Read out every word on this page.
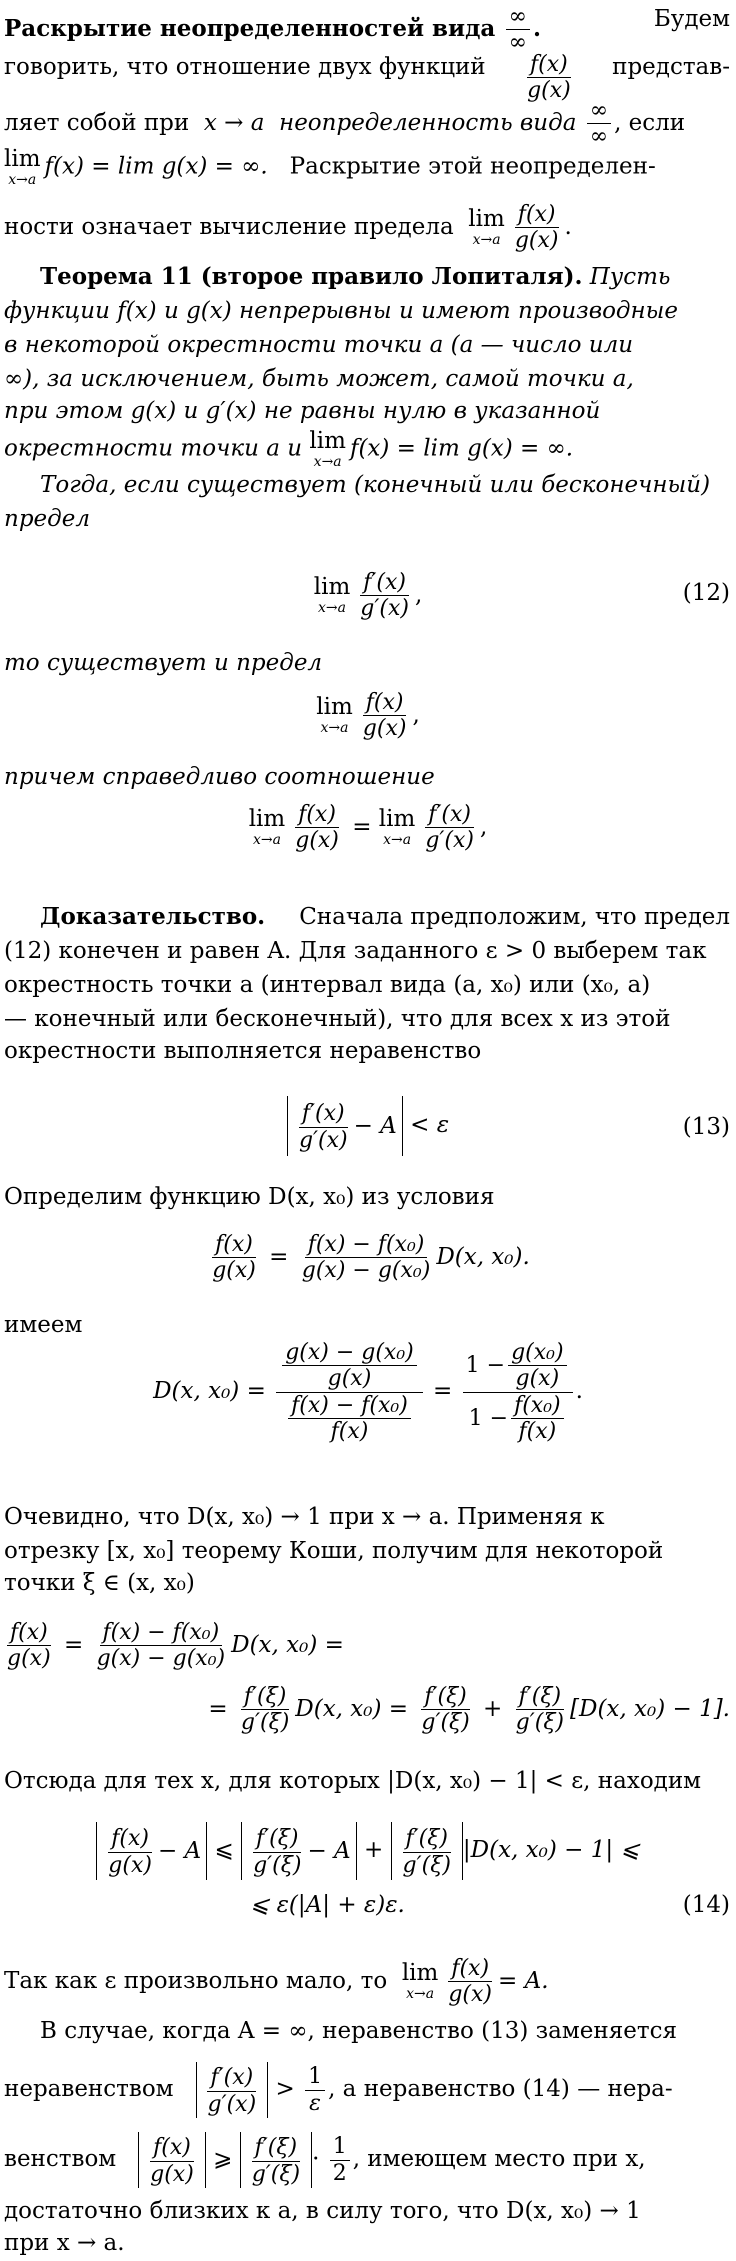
Раскрытие неопределенностей вида $\frac{\infty}{\infty}$ .	Будем
говорить, что отношение двух функций $\frac{f(x)}{g(x)}$ представ-
ляет собой при x → a неопределенность вида $\frac{\infty}{\infty}$ , если
lim
x→a
f(x) = lim g(x) = ∞. Раскрытие этой неопределен-
ности означает вычисление предела lim
$x\to a \frac{f(x)}{g(x)}$ .
Теорема 11 (второе правило Лопиталя). Пусть
функции f(x) и g(x) непрерывны и имеют производные
в некоторой окрестности точки a (a — число или
∞), за исключением, быть может, самой точки a,
при этом g(x) и g′(x) не равны нулю в указанной
окрестности точки a и lim
x→a
f(x) = lim g(x) = ∞.
Тогда, если существует (конечный или бесконечный)
предел
lim
$x\to a \frac{f'(x)}{g'(x)}$ ,	(12)
то существует и предел
lim
$x\to a \frac{f(x)}{g(x)}$ ,
причем справедливо соотношение
lim
$x\to a \frac{f(x)}{g(x)} = \lim$
$x\to a \frac{f'(x)}{g'(x)}$ ,
Доказательство. Сначала предположим, что предел
(12) конечен и равен A. Для заданного ε > 0 выберем так
окрестность точки a (интервал вида (a, x₀) или (x₀, a)
— конечный или бесконечный), что для всех x из этой
окрестности выполняется неравенство
$\frac{f'(x)}{g'(x)} - A < \varepsilon$	(13)
Определим функцию D(x, x₀) из условия
$\frac{f(x)}{g(x)} = \frac{\text{f(x) − f(x₀)}}{\text{g(x) − g(x₀)}} D(x$, x₀).
имеем
D(x, $x_0) = \frac{\frac{\text{g(x) − g(x₀)}}{g(x)}}{\frac{\text{f(x) − f(x₀)}}{f(x)}} = \frac{1 - \frac{\text{g(x₀)}}{g(x)}}{1 - \frac{\text{f(x₀)}}{f(x)}}$ .
Очевидно, что D(x, x₀) → 1 при x → a. Применяя к
отрезку [x, x₀] теорему Коши, получим для некоторой
точки ξ ∈ (x, x₀)
$\frac{f(x)}{g(x)} = \frac{\text{f(x) − f(x₀)}}{\text{g(x) − g(x₀)}} D(x$, x₀) =
= $\frac{f'(\xi)}{g'(\xi)} D(x$, $x_0) = \frac{f'(\xi)}{g'(\xi)} + \frac{f'(\xi)}{g'(\xi)} [D(x$, x₀) − 1].
Отсюда для тех x, для которых |D(x, x₀) − 1| < ε, находим
$\frac{f(x)}{g(x)} - A$ ⩽ $\frac{f'(\xi)}{g'(\xi)} - A + \frac{f'(\xi)}{g'(\xi)} |D(x$, x₀) − 1| ⩽
⩽ ε(|A| + ε)ε.	(14)
Так как ε произвольно мало, то lim
$x\to a \frac{f(x)}{g(x)} = A$.
В случае, когда A = ∞, неравенство (13) заменяется
неравенством $\frac{f'(x)}{g'(x)} > \frac{1}{\varepsilon}$ , а неравенство (14) — нера-
венством $\frac{f(x)}{g(x)}$ ⩾ $\frac{f'(\xi)}{g'(\xi)} \cdot \frac{1}{2}$ , имеющем место при x,
достаточно близких к a, в силу того, что D(x, x₀) → 1
при x → a.
